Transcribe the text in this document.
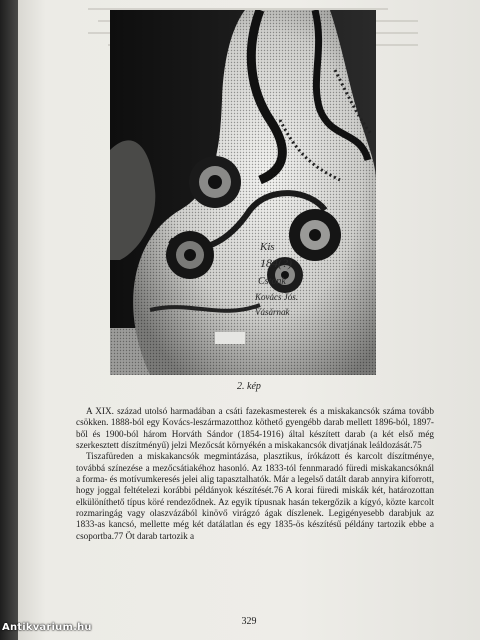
Kis
184(?)
Cstonk
Kovács Jós.
Vásárnak
2. kép

A XIX. század utolsó harmadában a csáti fazekasmesterek és a miskakancsók száma tovább csökken. 1888-ból egy Kovács-leszármazotthoz köthető gyengébb darab mellett 1896-ból, 1897-ből és 1900-ból három Horváth Sándor (1854-1916) által készített darab (a két első még szerkesztett díszítményű) jelzi Mezőcsát környékén a miskakancsók divatjának leáldozását.75

Tiszafüreden a miskakancsók megmintázása, plasztikus, írókázott és karcolt díszítménye, továbbá színezése a mezőcsátiakéhoz hasonló. Az 1833-tól fennmaradó füredi miskakancsóknál a forma- és motívumkeresés jelei alig tapasztalhatók. Már a legelső datált darab annyira kiforrott, hogy joggal feltételezi korábbi példányok készítését.76 A korai füredi miskák két, határozottan elkülöníthető típus köré rendeződnek. Az egyik típusnak hasán tekergőzik a kígyó, közte karcolt rozmaringág vagy olaszvázából kinövő virágzó ágak díszlenek. Legigényesebb darabjuk az 1833-as kancsó, mellette még két datálatlan és egy 1835-ös készítésű példány tartozik ebbe a csoportba.77 Öt darab tartozik a

329
Antikvarium.hu
